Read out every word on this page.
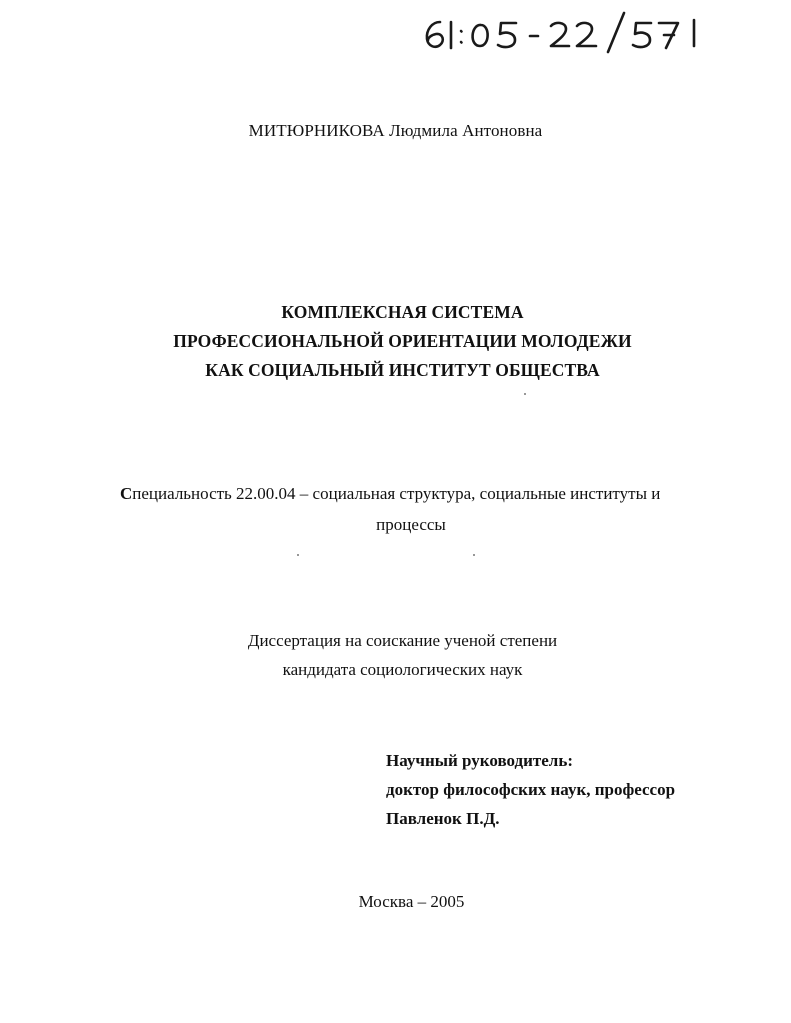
МИТЮРНИКОВА Людмила Антоновна
КОМПЛЕКСНАЯ СИСТЕМА
ПРОФЕССИОНАЛЬНОЙ ОРИЕНТАЦИИ МОЛОДЕЖИ
КАК СОЦИАЛЬНЫЙ ИНСТИТУТ ОБЩЕСТВА
Специальность 22.00.04 – социальная структура, социальные институты и
процессы
Диссертация на соискание ученой степени
кандидата социологических наук
Научный руководитель:
доктор философских наук, профессор
Павленок П.Д.
Москва – 2005
